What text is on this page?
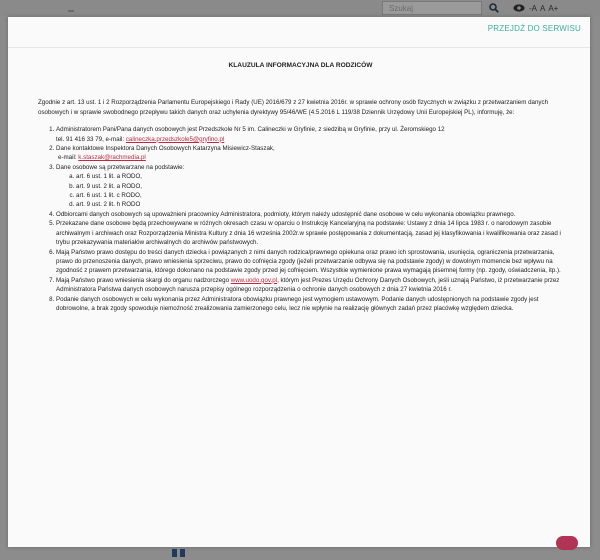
Szukaj	-A A A+
PRZEJDŹ DO SERWISU

KLAUZULA INFORMACYJNA DLA RODZICÓW

Zgodnie z art. 13 ust. 1 i 2 Rozporządzenia Parlamentu Europejskiego i Rady (UE) 2016/679 z 27 kwietnia 2016r. w sprawie ochrony osób fizycznych w związku z przetwarzaniem danych osobowych i w sprawie swobodnego przepływu takich danych oraz uchylenia dyrektywy 95/46/WE (4.5.2016 L 119/38 Dziennik Urzędowy Unii Europejskiej PL), informuję, że:

1. Administratorem Pani/Pana danych osobowych jest Przedszkole Nr 5 im. Calineczki w Gryfinie, z siedzibą w Gryfinie, przy ul. Żeromskiego 12
tel. 91 416 33 79, e-mail: calineczka.przedszkole5@gryfino.pl
2. Dane kontaktowe Inspektora Danych Osobowych Katarzyna Misiewicz-Staszak,
e-mail: k.staszak@rachmedia.pl
3. Dane osobowe są przetwarzane na podstawie:
a. art. 6 ust. 1 lit. a RODO,
b. art. 9 ust. 2 lit. a RODO,
c. art. 6 ust. 1 lit. c RODO,
d. art. 9 ust. 2 lit. h RODO
4. Odbiorcami danych osobowych są upoważnieni pracownicy Administratora, podmioty, którym należy udostępnić dane osobowe w celu wykonania obowiązku prawnego.
5. Przekazane dane osobowe będą przechowywane w różnych okresach czasu w oparciu o Instrukcję Kancelaryjną na podstawie: Ustawy z dnia 14 lipca 1983 r. o narodowym zasobie archiwalnym i archiwach oraz Rozporządzenia Ministra Kultury z dnia 16 września 2002r.w sprawie postępowania z dokumentacją, zasad jej klasyfikowania i kwalifikowania oraz zasad i trybu przekazywania materiałów archiwalnych do archiwów państwowych.
6. Mają Państwo prawo dostępu do treści danych dziecka i powiązanych z nimi danych rodzica/prawnego opiekuna oraz prawo ich sprostowania, usunięcia, ograniczenia przetwarzania, prawo do przenoszenia danych, prawo wniesienia sprzeciwu, prawo do cofnięcia zgody (jeżeli przetwarzanie odbywa się na podstawie zgody) w dowolnym momencie bez wpływu na zgodność z prawem przetwarzania, którego dokonano na podstawie zgody przed jej cofnięciem. Wszystkie wymienione prawa wymagają pisemnej formy (np. zgody, oświadczenia, itp.).
7. Mają Państwo prawo wniesienia skargi do organu nadzorczego www.uodo.gov.pl, którym jest Prezes Urzędu Ochrony Danych Osobowych, jeśli uznają Państwo, iż przetwarzanie przez Administratora Państwa danych osobowych narusza przepisy ogólnego rozporządzenia o ochronie danych osobowych z dnia 27 kwietnia 2016 r.
8. Podanie danych osobowych w celu wykonania przez Administratora obowiązku prawnego jest wymogiem ustawowym. Podanie danych udostępnionych na podstawie zgody jest dobrowolne, a brak zgody spowoduje niemożność zrealizowania zamierzonego celu, lecz nie wpłynie na realizację głównych zadań przez placówkę względem dziecka.
